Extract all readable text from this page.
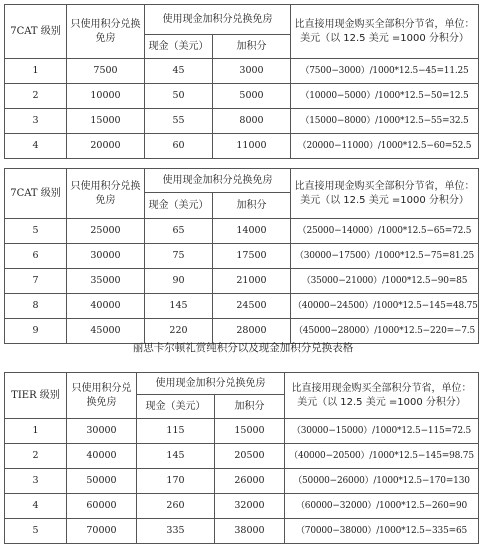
7CAT 级别	只使用积分兑换免房	使用现金加积分兑换免房		比直接用现金购买全部积分节省，单位：美元（以 12.5 美元 =1000 分积分）
		现金（美元）	加积分	
1	7500	45	3000	（7500−3000）/1000*12.5−45=11.25
2	10000	50	5000	（10000−5000）/1000*12.5−50=12.5
3	15000	55	8000	（15000−8000）/1000*12.5−55=32.5
4	20000	60	11000	（20000−11000）/1000*12.5−60=52.5
7CAT 级别	只使用积分兑换免房	使用现金加积分兑换免房		比直接用现金购买全部积分节省，单位：美元（以 12.5 美元 =1000 分积分）
		现金（美元）	加积分	
5	25000	65	14000	（25000−14000）/1000*12.5−65=72.5
6	30000	75	17500	（30000−17500）/1000*12.5−75=81.25
7	35000	90	21000	（35000−21000）/1000*12.5−90=85
8	40000	145	24500	（40000−24500）/1000*12.5−145=48.75
9	45000	220	28000	（45000−28000）/1000*12.5−220=−7.5
丽思卡尔顿礼赏纯积分以及现金加积分兑换表格
TIER 级别	只使用积分兑换免房	使用现金加积分兑换免房		比直接用现金购买全部积分节省，单位：美元（以 12.5 美元 =1000 分积分）
		现金（美元）	加积分	
1	30000	115	15000	（30000−15000）/1000*12.5−115=72.5
2	40000	145	20500	（40000−20500）/1000*12.5−145=98.75
3	50000	170	26000	（50000−26000）/1000*12.5−170=130
4	60000	260	32000	（60000−32000）/1000*12.5−260=90
5	70000	335	38000	（70000−38000）/1000*12.5−335=65
